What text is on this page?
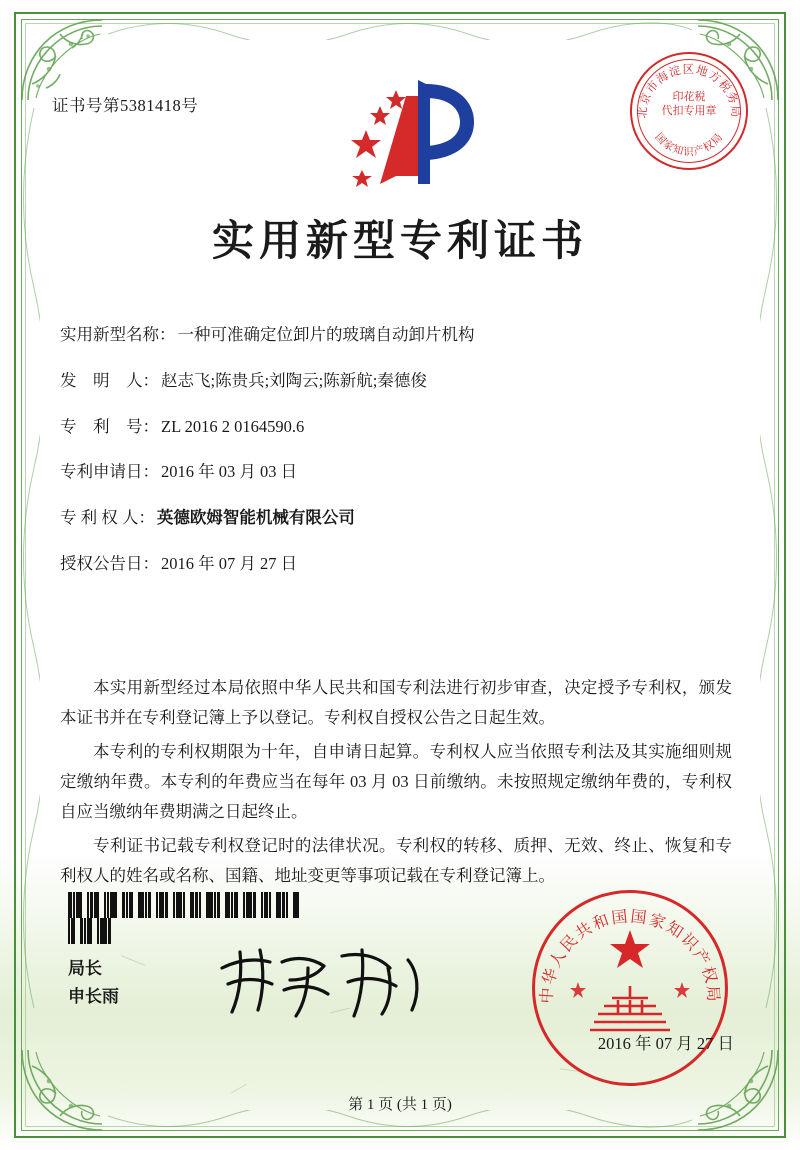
证书号第5381418号	北京市海淀区地方税务局
国家知识产权局
印花税
代扣专用章
实用新型专利证书
实用新型名称： 一种可准确定位卸片的玻璃自动卸片机构
发　明　人： 赵志飞;陈贵兵;刘陶云;陈新航;秦德俊
专　利　号： ZL 2016 2 0164590.6
专利申请日： 2016 年 03 月 03 日
专 利 权 人： 英德欧姆智能机械有限公司
授权公告日： 2016 年 07 月 27 日

本实用新型经过本局依照中华人民共和国专利法进行初步审查，决定授予专利权，颁发本证书并在专利登记簿上予以登记。专利权自授权公告之日起生效。

本专利的专利权期限为十年，自申请日起算。专利权人应当依照专利法及其实施细则规定缴纳年费。本专利的年费应当在每年 03 月 03 日前缴纳。未按照规定缴纳年费的，专利权自应当缴纳年费期满之日起终止。

专利证书记载专利权登记时的法律状况。专利权的转移、质押、无效、终止、恢复和专利权人的姓名或名称、国籍、地址变更等事项记载在专利登记簿上。

局长
申长雨	中华人民共和国国家知识产权局
2016 年 07 月 27 日
第 1 页 (共 1 页)
